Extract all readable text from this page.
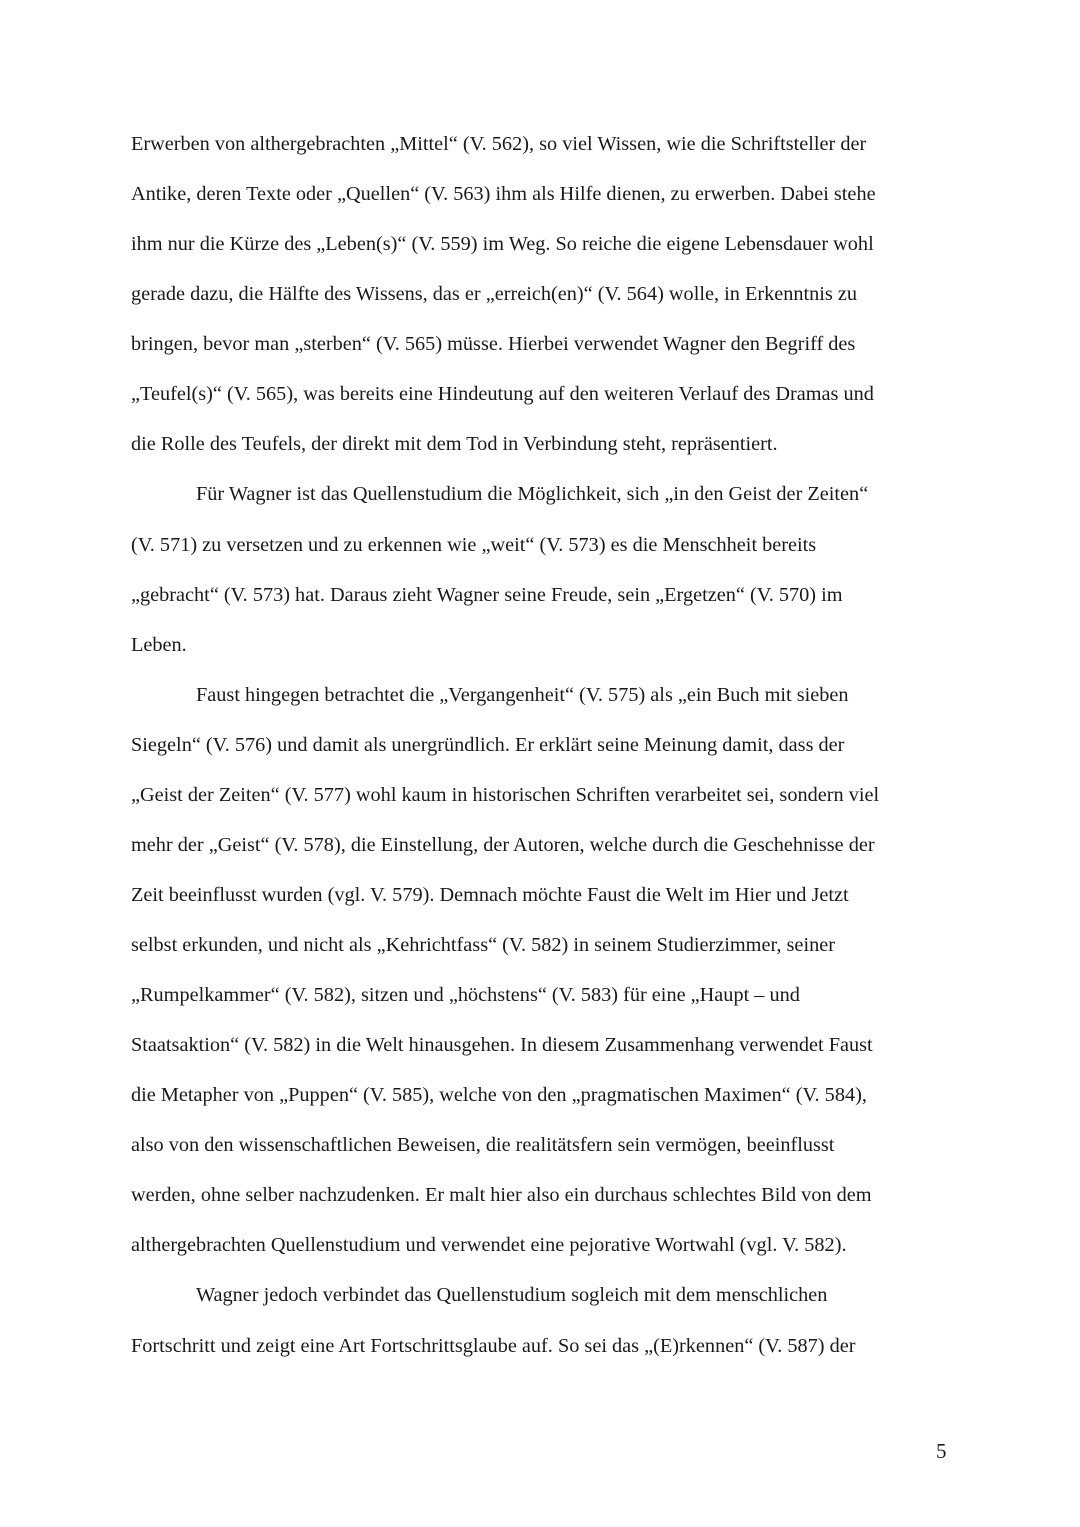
Erwerben von althergebrachten „Mittel“ (V. 562), so viel Wissen, wie die Schriftsteller der
Antike, deren Texte oder „Quellen“ (V. 563) ihm als Hilfe dienen, zu erwerben. Dabei stehe
ihm nur die Kürze des „Leben(s)“ (V. 559) im Weg. So reiche die eigene Lebensdauer wohl
gerade dazu, die Hälfte des Wissens, das er „erreich(en)“ (V. 564) wolle, in Erkenntnis zu
bringen, bevor man „sterben“ (V. 565) müsse. Hierbei verwendet Wagner den Begriff des
„Teufel(s)“ (V. 565), was bereits eine Hindeutung auf den weiteren Verlauf des Dramas und
die Rolle des Teufels, der direkt mit dem Tod in Verbindung steht, repräsentiert.
Für Wagner ist das Quellenstudium die Möglichkeit, sich „in den Geist der Zeiten“
(V. 571) zu versetzen und zu erkennen wie „weit“ (V. 573) es die Menschheit bereits
„gebracht“ (V. 573) hat. Daraus zieht Wagner seine Freude, sein „Ergetzen“ (V. 570) im
Leben.
Faust hingegen betrachtet die „Vergangenheit“ (V. 575) als „ein Buch mit sieben
Siegeln“ (V. 576) und damit als unergründlich. Er erklärt seine Meinung damit, dass der
„Geist der Zeiten“ (V. 577) wohl kaum in historischen Schriften verarbeitet sei, sondern viel
mehr der „Geist“ (V. 578), die Einstellung, der Autoren, welche durch die Geschehnisse der
Zeit beeinflusst wurden (vgl. V. 579). Demnach möchte Faust die Welt im Hier und Jetzt
selbst erkunden, und nicht als „Kehrichtfass“ (V. 582) in seinem Studierzimmer, seiner
„Rumpelkammer“ (V. 582), sitzen und „höchstens“ (V. 583) für eine „Haupt – und
Staatsaktion“ (V. 582) in die Welt hinausgehen. In diesem Zusammenhang verwendet Faust
die Metapher von „Puppen“ (V. 585), welche von den „pragmatischen Maximen“ (V. 584),
also von den wissenschaftlichen Beweisen, die realitätsfern sein vermögen, beeinflusst
werden, ohne selber nachzudenken. Er malt hier also ein durchaus schlechtes Bild von dem
althergebrachten Quellenstudium und verwendet eine pejorative Wortwahl (vgl. V. 582).
Wagner jedoch verbindet das Quellenstudium sogleich mit dem menschlichen
Fortschritt und zeigt eine Art Fortschrittsglaube auf. So sei das „(E)rkennen“ (V. 587) der
5
